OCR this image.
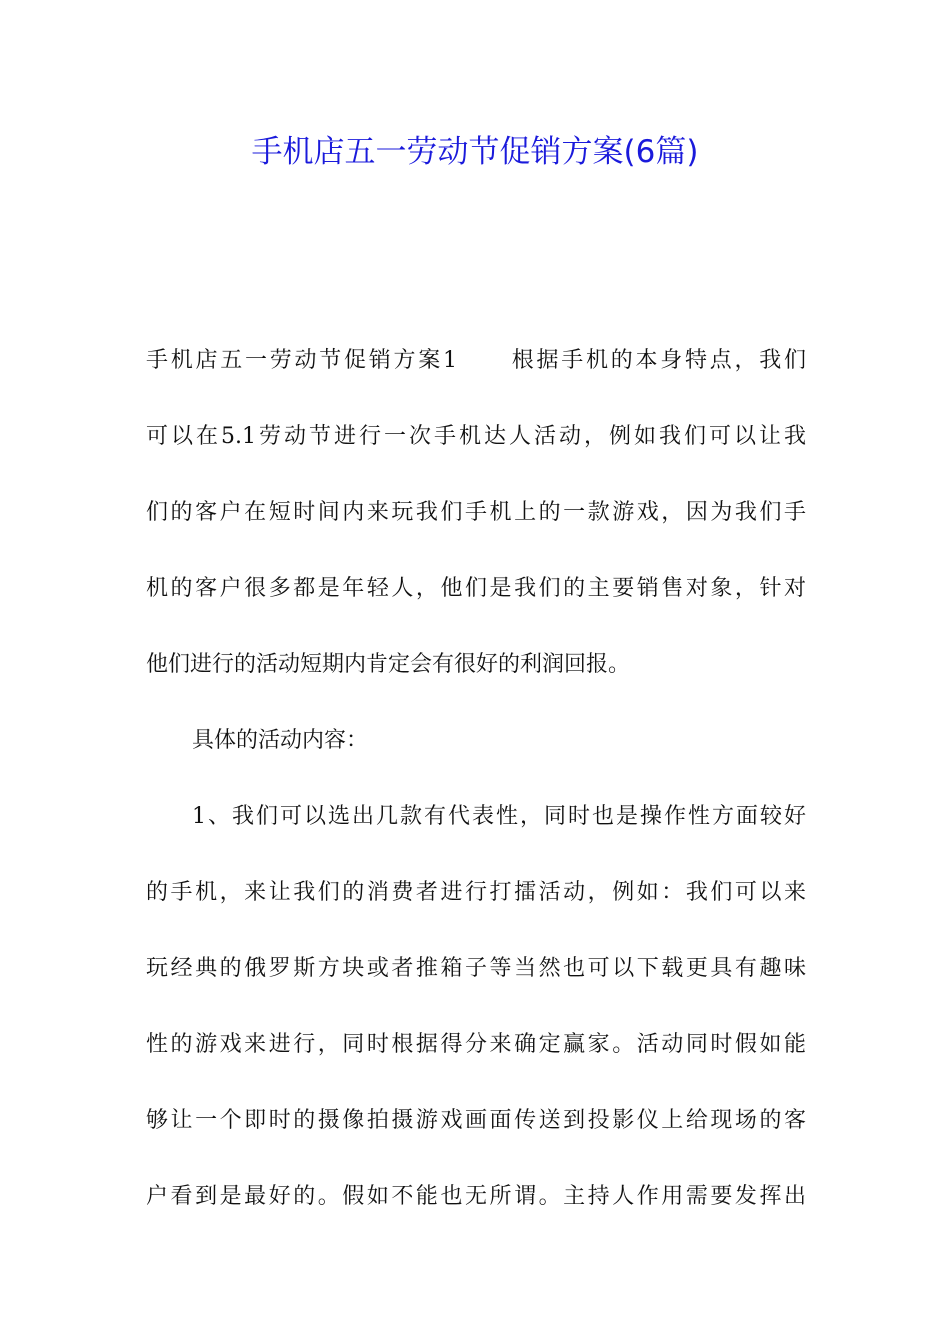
手机店五一劳动节促销方案(6篇)
手机店五一劳动节促销方案1 根据手机的本身特点，我们
可以在5.1劳动节进行一次手机达人活动，例如我们可以让我
们的客户在短时间内来玩我们手机上的一款游戏，因为我们手
机的客户很多都是年轻人，他们是我们的主要销售对象，针对
他们进行的活动短期内肯定会有很好的利润回报。
具体的活动内容：
1、我们可以选出几款有代表性，同时也是操作性方面较好
的手机，来让我们的消费者进行打擂活动，例如：我们可以来
玩经典的俄罗斯方块或者推箱子等当然也可以下载更具有趣味
性的游戏来进行，同时根据得分来确定赢家。活动同时假如能
够让一个即时的摄像拍摄游戏画面传送到投影仪上给现场的客
户看到是最好的。假如不能也无所谓。主持人作用需要发挥出
